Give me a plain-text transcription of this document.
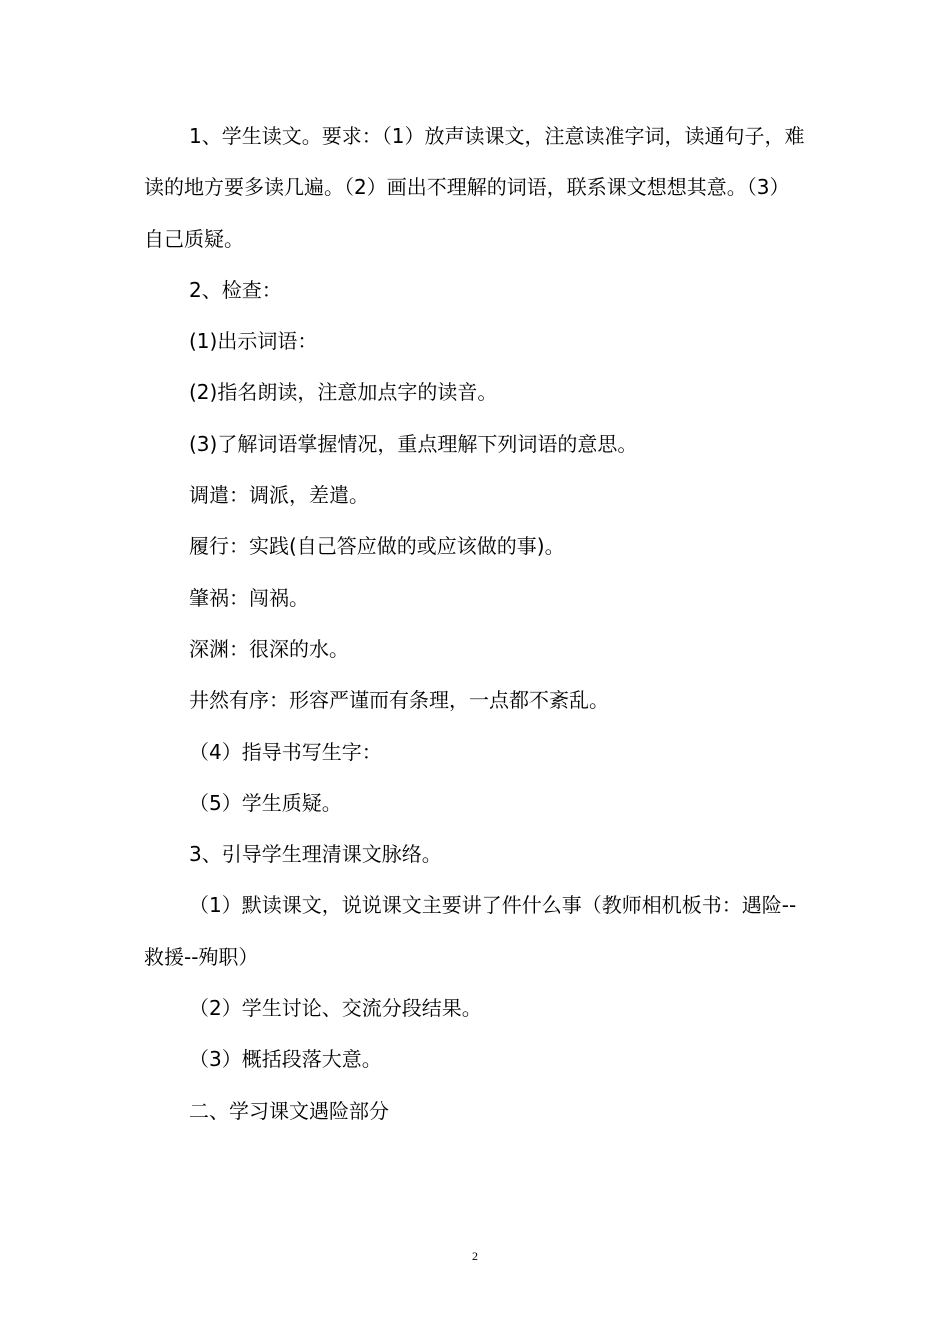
1、学生读文。要求：（1）放声读课文，注意读准字词，读通句子，难读的地方要多读几遍。（2）画出不理解的词语，联系课文想想其意。（3）自己质疑。

2、检查：

(1)出示词语：

(2)指名朗读，注意加点字的读音。

(3)了解词语掌握情况，重点理解下列词语的意思。

调遣：调派，差遣。

履行：实践(自己答应做的或应该做的事)。

肇祸：闯祸。

深渊：很深的水。

井然有序：形容严谨而有条理，一点都不紊乱。

（4）指导书写生字：

（5）学生质疑。

3、引导学生理清课文脉络。

（1）默读课文，说说课文主要讲了件什么事（教师相机板书：遇险--救援--殉职）

（2）学生讨论、交流分段结果。

（3）概括段落大意。

二、学习课文遇险部分

2
